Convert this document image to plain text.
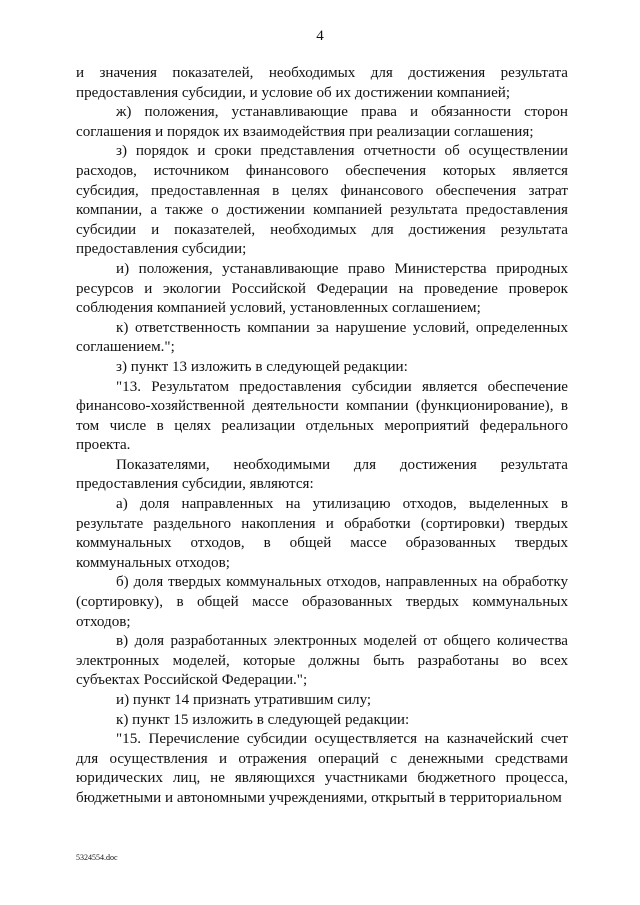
4

и значения показателей, необходимых для достижения результата предоставления субсидии, и условие об их достижении компанией;

ж) положения, устанавливающие права и обязанности сторон соглашения и порядок их взаимодействия при реализации соглашения;

з) порядок и сроки представления отчетности об осуществлении расходов, источником финансового обеспечения которых является субсидия, предоставленная в целях финансового обеспечения затрат компании, а также о достижении компанией результата предоставления субсидии и показателей, необходимых для достижения результата предоставления субсидии;

и) положения, устанавливающие право Министерства природных ресурсов и экологии Российской Федерации на проведение проверок соблюдения компанией условий, установленных соглашением;

к) ответственность компании за нарушение условий, определенных соглашением.";

з) пункт 13 изложить в следующей редакции:

"13. Результатом предоставления субсидии является обеспечение финансово-хозяйственной деятельности компании (функционирование), в том числе в целях реализации отдельных мероприятий федерального проекта.

Показателями, необходимыми для достижения результата предоставления субсидии, являются:

а) доля направленных на утилизацию отходов, выделенных в результате раздельного накопления и обработки (сортировки) твердых коммунальных отходов, в общей массе образованных твердых коммунальных отходов;

б) доля твердых коммунальных отходов, направленных на обработку (сортировку), в общей массе образованных твердых коммунальных отходов;

в) доля разработанных электронных моделей от общего количества электронных моделей, которые должны быть разработаны во всех субъектах Российской Федерации.";

и) пункт 14 признать утратившим силу;

к) пункт 15 изложить в следующей редакции:

"15. Перечисление субсидии осуществляется на казначейский счет для осуществления и отражения операций с денежными средствами юридических лиц, не являющихся участниками бюджетного процесса, бюджетными и автономными учреждениями, открытый в территориальном

5324554.doc
